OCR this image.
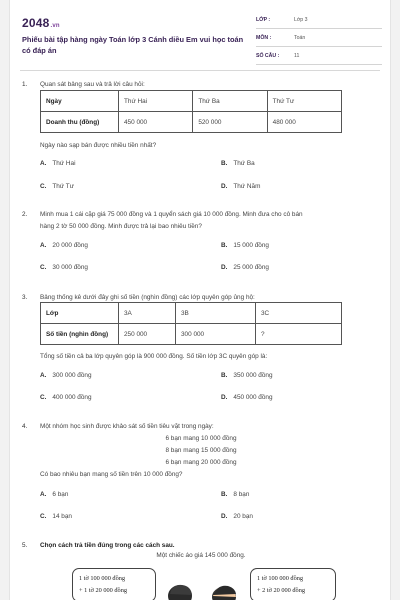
2048.vn
Phiếu bài tập hàng ngày Toán lớp 3 Cánh diều Em vui học toán có đáp án
LỚP :	Lớp 3
MÔN :	Toán
SỐ CÂU :	11
1. Quan sát bảng sau và trả lời câu hỏi:
Ngày	Thứ Hai	Thứ Ba	Thứ Tư
Doanh thu (đồng)	450 000	520 000	480 000
Ngày nào sạp bán được nhiều tiền nhất?
A. Thứ Hai	B. Thứ Ba
C. Thứ Tư	D. Thứ Năm
2. Minh mua 1 cái cặp giá 75 000 đồng và 1 quyển sách giá 10 000 đồng. Minh đưa cho cô bán
hàng 2 tờ 50 000 đồng. Minh được trả lại bao nhiêu tiền?
A. 20 000 đồng	B. 15 000 đồng
C. 30 000 đồng	D. 25 000 đồng
3. Bảng thống kê dưới đây ghi số tiền (nghìn đồng) các lớp quyên góp ủng hộ:
Lớp	3A	3B	3C
Số tiền (nghìn đồng)	250 000	300 000	?
Tổng số tiền cả ba lớp quyên góp là 900 000 đồng. Số tiền lớp 3C quyên góp là:
A. 300 000 đồng	B. 350 000 đồng
C. 400 000 đồng	D. 450 000 đồng
4. Một nhóm học sinh được khảo sát số tiền tiêu vặt trong ngày:
6 bạn mang 10 000 đồng
8 bạn mang 15 000 đồng
6 bạn mang 20 000 đồng
Có bao nhiêu bạn mang số tiền trên 10 000 đồng?
A. 6 bạn	B. 8 bạn
C. 14 bạn	D. 20 bạn
5. Chọn cách trả tiền đúng trong các cách sau.
Một chiếc áo giá 145 000 đồng.
1 tờ 100 000 đồng
+ 1 tờ 20 000 đồng
1 tờ 100 000 đồng
+ 2 tờ 20 000 đồng
